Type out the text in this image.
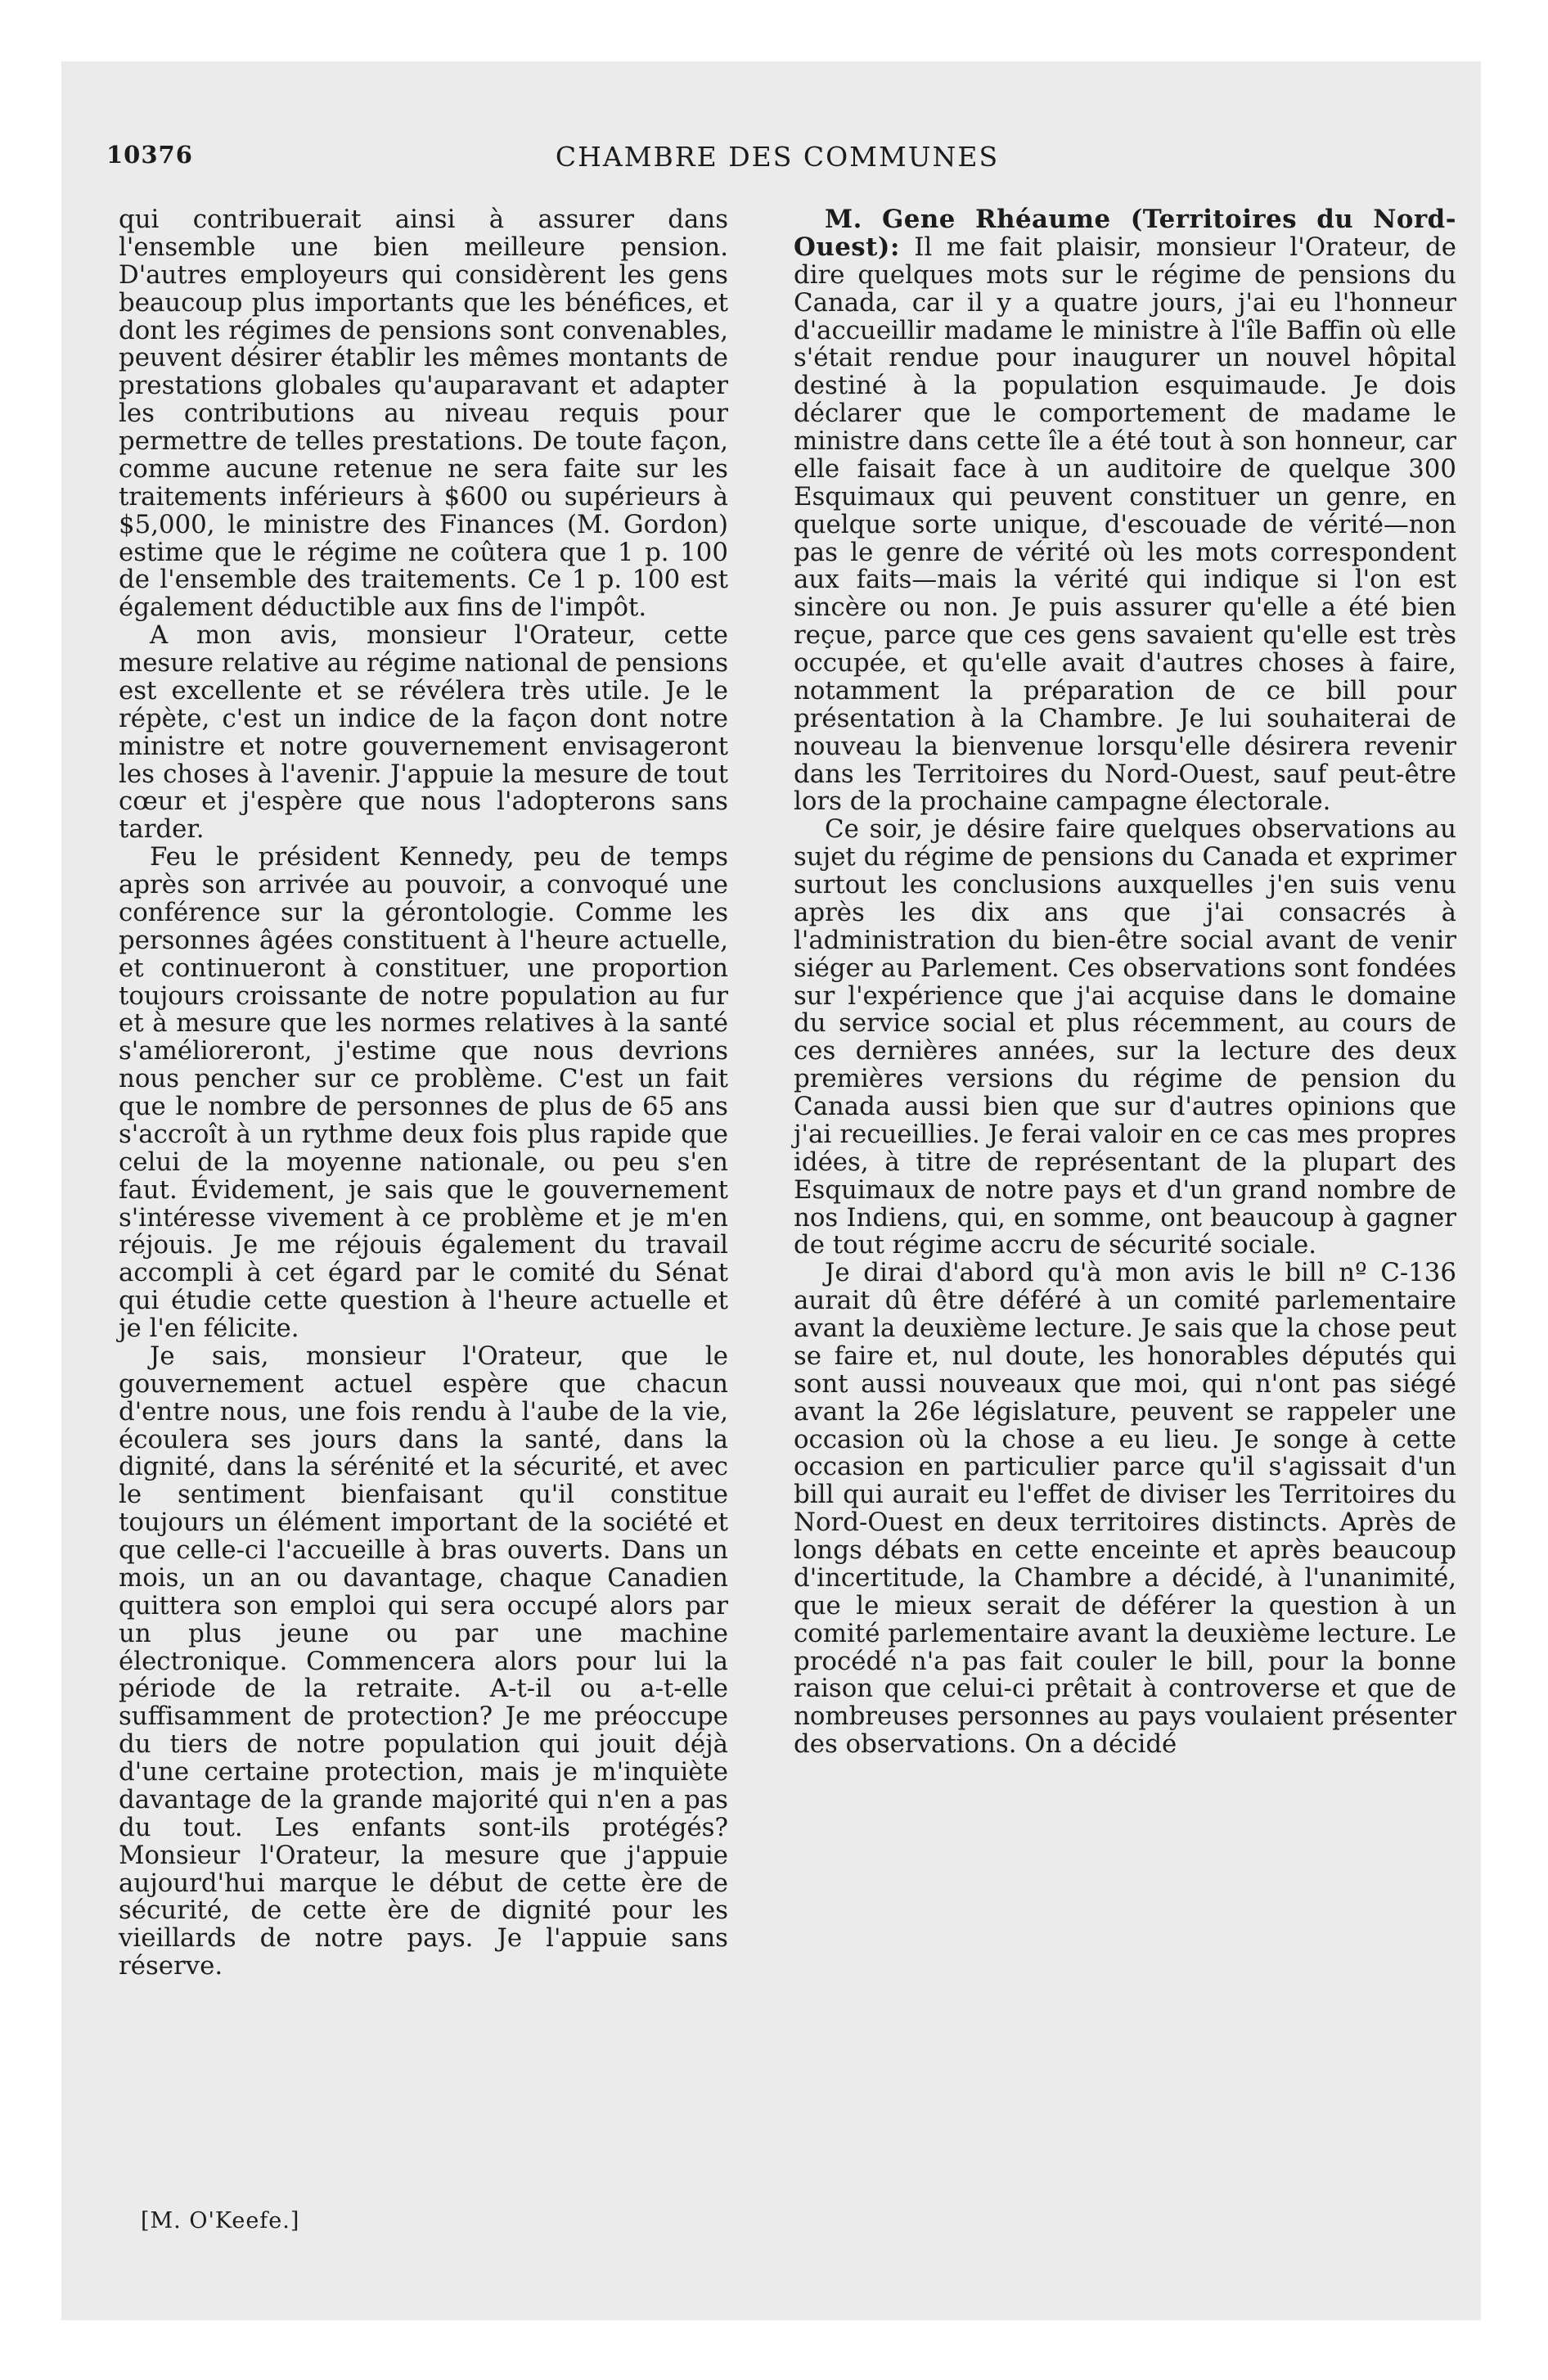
10376	CHAMBRE DES COMMUNES

qui contribuerait ainsi à assurer dans l'ensemble une bien meilleure pension. D'autres employeurs qui considèrent les gens beaucoup plus importants que les bénéfices, et dont les régimes de pensions sont convenables, peuvent désirer établir les mêmes montants de prestations globales qu'auparavant et adapter les contributions au niveau requis pour permettre de telles prestations. De toute façon, comme aucune retenue ne sera faite sur les traitements inférieurs à $600 ou supérieurs à $5,000, le ministre des Finances (M. Gordon) estime que le régime ne coûtera que 1 p. 100 de l'ensemble des traitements. Ce 1 p. 100 est également déductible aux fins de l'impôt.

A mon avis, monsieur l'Orateur, cette mesure relative au régime national de pensions est excellente et se révélera très utile. Je le répète, c'est un indice de la façon dont notre ministre et notre gouvernement envisageront les choses à l'avenir. J'appuie la mesure de tout cœur et j'espère que nous l'adopterons sans tarder.

Feu le président Kennedy, peu de temps après son arrivée au pouvoir, a convoqué une conférence sur la gérontologie. Comme les personnes âgées constituent à l'heure actuelle, et continueront à constituer, une proportion toujours croissante de notre population au fur et à mesure que les normes relatives à la santé s'amélioreront, j'estime que nous devrions nous pencher sur ce problème. C'est un fait que le nombre de personnes de plus de 65 ans s'accroît à un rythme deux fois plus rapide que celui de la moyenne nationale, ou peu s'en faut. Évidement, je sais que le gouvernement s'intéresse vivement à ce problème et je m'en réjouis. Je me réjouis également du travail accompli à cet égard par le comité du Sénat qui étudie cette question à l'heure actuelle et je l'en félicite.

Je sais, monsieur l'Orateur, que le gouvernement actuel espère que chacun d'entre nous, une fois rendu à l'aube de la vie, écoulera ses jours dans la santé, dans la dignité, dans la sérénité et la sécurité, et avec le sentiment bienfaisant qu'il constitue toujours un élément important de la société et que celle-ci l'accueille à bras ouverts. Dans un mois, un an ou davantage, chaque Canadien quittera son emploi qui sera occupé alors par un plus jeune ou par une machine électronique. Commencera alors pour lui la période de la retraite. A-t-il ou a-t-elle suffisamment de protection? Je me préoccupe du tiers de notre population qui jouit déjà d'une certaine protection, mais je m'inquiète davantage de la grande majorité qui n'en a pas du tout. Les enfants sont-ils protégés? Monsieur l'Orateur, la mesure que j'appuie aujourd'hui marque le début de cette ère de sécurité, de cette ère de dignité pour les vieillards de notre pays. Je l'appuie sans réserve.

[M. O'Keefe.]

M. Gene Rhéaume (Territoires du Nord-Ouest): Il me fait plaisir, monsieur l'Orateur, de dire quelques mots sur le régime de pensions du Canada, car il y a quatre jours, j'ai eu l'honneur d'accueillir madame le ministre à l'île Baffin où elle s'était rendue pour inaugurer un nouvel hôpital destiné à la population esquimaude. Je dois déclarer que le comportement de madame le ministre dans cette île a été tout à son honneur, car elle faisait face à un auditoire de quelque 300 Esquimaux qui peuvent constituer un genre, en quelque sorte unique, d'escouade de vérité—non pas le genre de vérité où les mots correspondent aux faits—mais la vérité qui indique si l'on est sincère ou non. Je puis assurer qu'elle a été bien reçue, parce que ces gens savaient qu'elle est très occupée, et qu'elle avait d'autres choses à faire, notamment la préparation de ce bill pour présentation à la Chambre. Je lui souhaiterai de nouveau la bienvenue lorsqu'elle désirera revenir dans les Territoires du Nord-Ouest, sauf peut-être lors de la prochaine campagne électorale.

Ce soir, je désire faire quelques observations au sujet du régime de pensions du Canada et exprimer surtout les conclusions auxquelles j'en suis venu après les dix ans que j'ai consacrés à l'administration du bien-être social avant de venir siéger au Parlement. Ces observations sont fondées sur l'expérience que j'ai acquise dans le domaine du service social et plus récemment, au cours de ces dernières années, sur la lecture des deux premières versions du régime de pension du Canada aussi bien que sur d'autres opinions que j'ai recueillies. Je ferai valoir en ce cas mes propres idées, à titre de représentant de la plupart des Esquimaux de notre pays et d'un grand nombre de nos Indiens, qui, en somme, ont beaucoup à gagner de tout régime accru de sécurité sociale.

Je dirai d'abord qu'à mon avis le bill nº C-136 aurait dû être déféré à un comité parlementaire avant la deuxième lecture. Je sais que la chose peut se faire et, nul doute, les honorables députés qui sont aussi nouveaux que moi, qui n'ont pas siégé avant la 26e législature, peuvent se rappeler une occasion où la chose a eu lieu. Je songe à cette occasion en particulier parce qu'il s'agissait d'un bill qui aurait eu l'effet de diviser les Territoires du Nord-Ouest en deux territoires distincts. Après de longs débats en cette enceinte et après beaucoup d'incertitude, la Chambre a décidé, à l'unanimité, que le mieux serait de déférer la question à un comité parlementaire avant la deuxième lecture. Le procédé n'a pas fait couler le bill, pour la bonne raison que celui-ci prêtait à controverse et que de nombreuses personnes au pays voulaient présenter des observations. On a décidé
